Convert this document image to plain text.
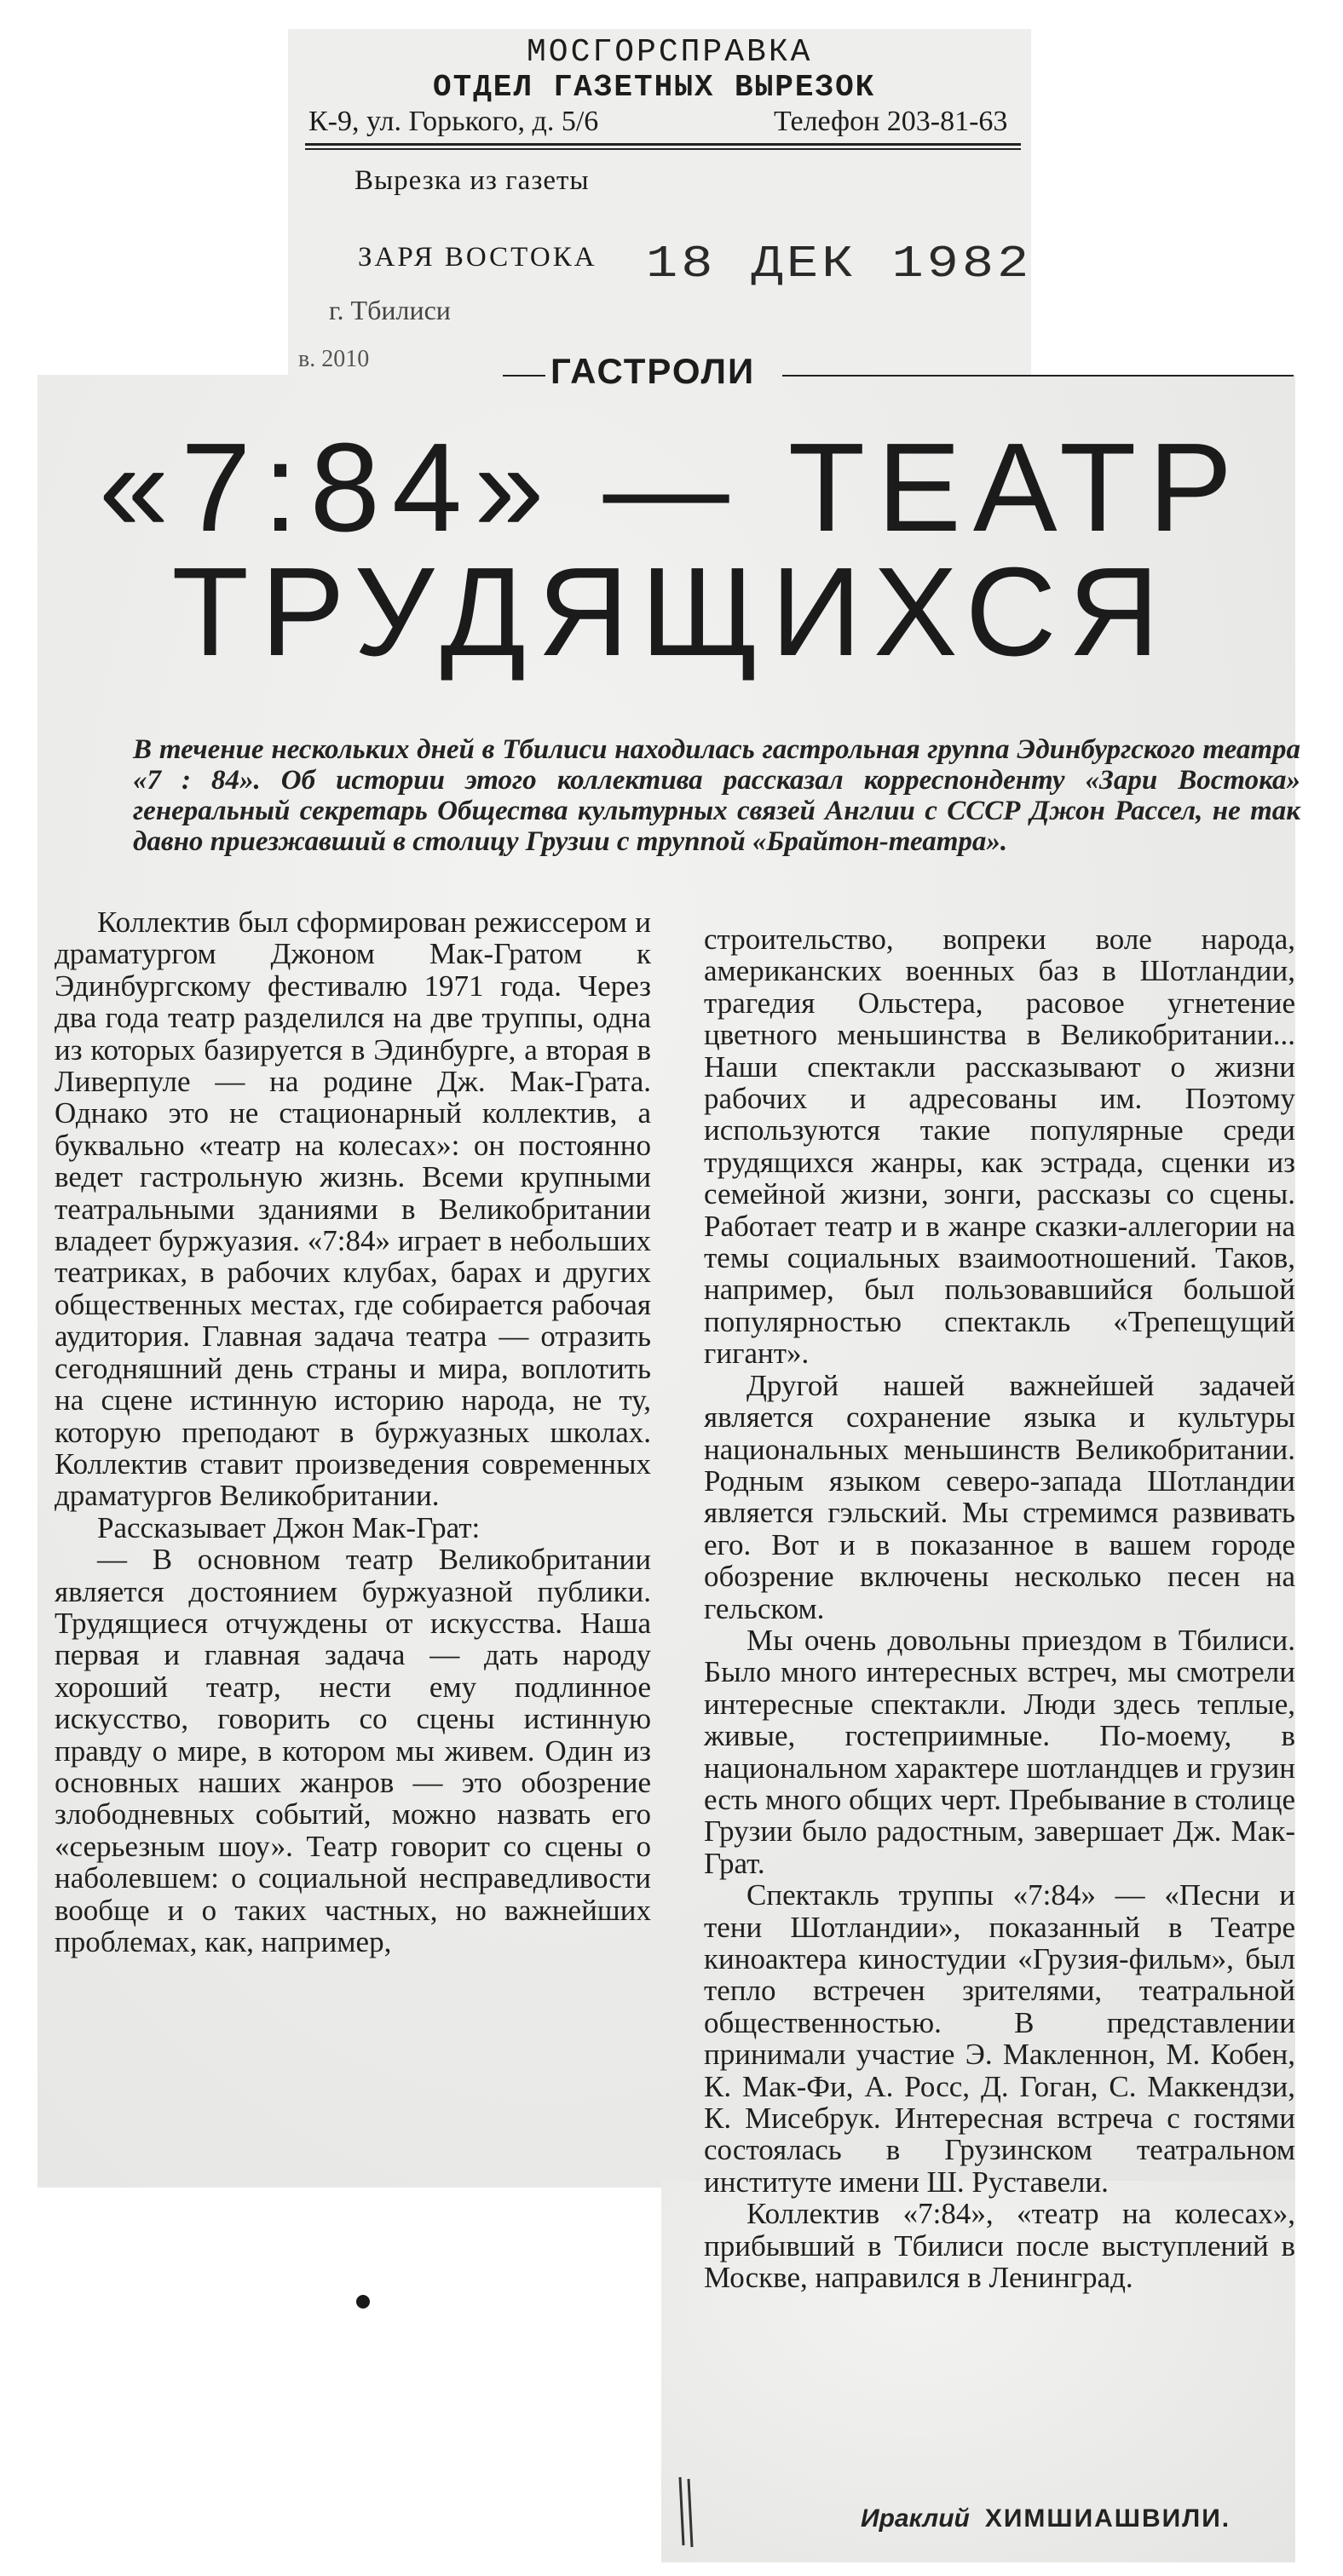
МОСГОРСПРАВКА
ОТДЕЛ ГАЗЕТНЫХ ВЫРЕЗОК
К-9, ул. Горького, д. 5/6	Телефон 203-81-63
Вырезка из газеты
ЗАРЯ ВОСТОКА 18 ДЕК 1982
г. Тбилиси
в. 2010	ГАСТРОЛИ
«7:84» — ТЕАТР
ТРУДЯЩИХСЯ
В течение нескольких дней в Тбилиси находилась гастрольная группа Эдинбургского театра «7 : 84». Об истории этого коллектива рассказал корреспонденту «Зари Востока» генеральный секретарь Общества культурных связей Англии с СССР Джон Рассел, не так давно приезжавший в столицу Грузии с труппой «Брайтон-театра».

Коллектив был сформирован режиссером и драматургом Джоном Мак-Гратом к Эдинбургскому фестивалю 1971 года. Через два года театр разделился на две труппы, одна из которых базируется в Эдинбурге, а вторая в Ливерпуле — на родине Дж. Мак-Грата. Однако это не стационарный коллектив, а буквально «театр на колесах»: он постоянно ведет гастрольную жизнь. Всеми крупными театральными зданиями в Великобритании владеет буржуазия. «7:84» играет в небольших театриках, в рабочих клубах, барах и других общественных местах, где собирается рабочая аудитория. Главная задача театра — отразить сегодняшний день страны и мира, воплотить на сцене истинную историю народа, не ту, которую преподают в буржуазных школах. Коллектив ставит произведения современных драматургов Великобритании.

Рассказывает Джон Мак-Грат:

— В основном театр Великобритании является достоянием буржуазной публики. Трудящиеся отчуждены от искусства. Наша первая и главная задача — дать народу хороший театр, нести ему подлинное искусство, говорить со сцены истинную правду о мире, в котором мы живем. Один из основных наших жанров — это обозрение злободневных событий, можно назвать его «серьезным шоу». Театр говорит со сцены о наболевшем: о социальной несправедливости вообще и о таких частных, но важнейших проблемах, как, например,

строительство, вопреки воле народа, американских военных баз в Шотландии, трагедия Ольстера, расовое угнетение цветного меньшинства в Великобритании... Наши спектакли рассказывают о жизни рабочих и адресованы им. Поэтому используются такие популярные среди трудящихся жанры, как эстрада, сценки из семейной жизни, зонги, рассказы со сцены. Работает театр и в жанре сказки-аллегории на темы социальных взаимоотношений. Таков, например, был пользовавшийся большой популярностью спектакль «Трепещущий гигант».

Другой нашей важнейшей задачей является сохранение языка и культуры национальных меньшинств Великобритании. Родным языком северо-запада Шотландии является гэльский. Мы стремимся развивать его. Вот и в показанное в вашем городе обозрение включены несколько песен на гельском.

Мы очень довольны приездом в Тбилиси. Было много интересных встреч, мы смотрели интересные спектакли. Люди здесь теплые, живые, гостеприимные. По-моему, в национальном характере шотландцев и грузин есть много общих черт. Пребывание в столице Грузии было радостным, завершает Дж. Мак-Грат.

Спектакль труппы «7:84» — «Песни и тени Шотландии», показанный в Театре киноактера киностудии «Грузия-фильм», был тепло встречен зрителями, театральной общественностью. В представлении принимали участие Э. Макленнон, М. Кобен, К. Мак-Фи, А. Росс, Д. Гоган, С. Маккендзи, К. Мисебрук. Интересная встреча с гостями состоялась в Грузинском театральном институте имени Ш. Руставели.

Коллектив «7:84», «театр на колесах», прибывший в Тбилиси после выступлений в Москве, направился в Ленинград.

Ираклий ХИМШИАШВИЛИ.
